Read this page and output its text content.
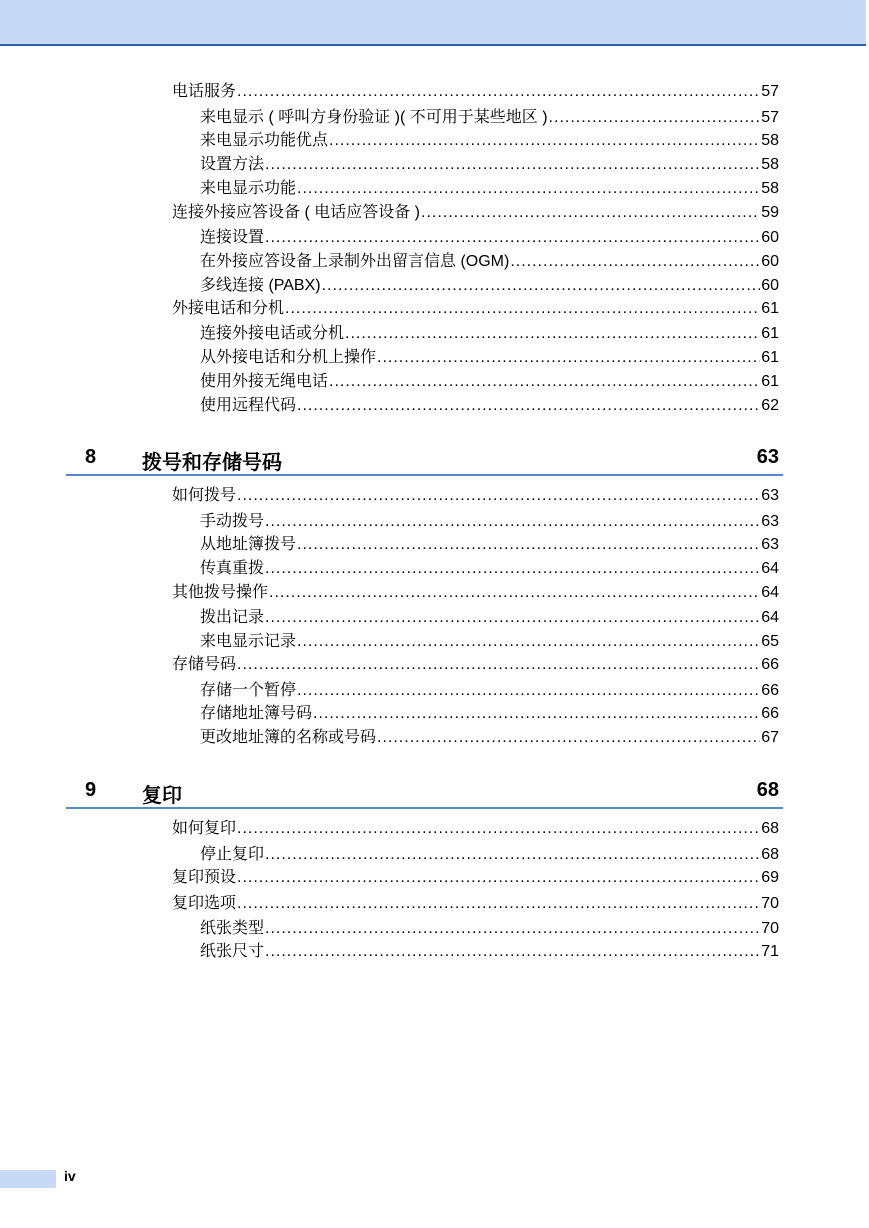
电话服务 .....	57
来电显示 ( 呼叫方身份验证 )( 不可用于某些地区 ) .....	57
来电显示功能优点 .....	58
设置方法 .....	58
来电显示功能 .....	58
连接外接应答设备 ( 电话应答设备 ) .....	59
连接设置 .....	60
在外接应答设备上录制外出留言信息 (OGM) .....	60
多线连接 (PABX) .....	60
外接电话和分机 .....	61
连接外接电话或分机 .....	61
从外接电话和分机上操作 .....	61
使用外接无绳电话 .....	61
使用远程代码 .....	62
8 拨号和存储号码	63
如何拨号 .....	63
手动拨号 .....	63
从地址簿拨号 .....	63
传真重拨 .....	64
其他拨号操作 .....	64
拨出记录 .....	64
来电显示记录 .....	65
存储号码 .....	66
存储一个暂停 .....	66
存储地址簿号码 .....	66
更改地址簿的名称或号码 .....	67
9 复印	68
如何复印 .....	68
停止复印 .....	68
复印预设 .....	69
复印选项 .....	70
纸张类型 .....	70
纸张尺寸 .....	71
iv
